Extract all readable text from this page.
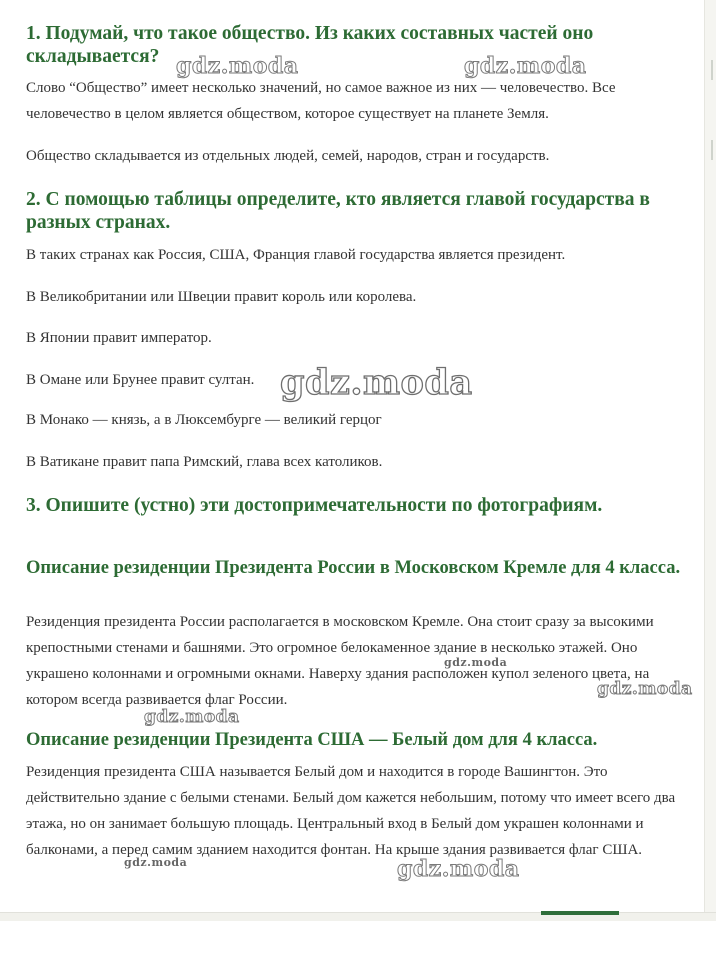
1. Подумай, что такое общество. Из каких составных частей оно
складывается?

Слово “Общество” имеет несколько значений, но самое важное из них — человечество. Все человечество в целом является обществом, которое существует на планете Земля.

Общество складывается из отдельных людей, семей, народов, стран и государств.

2. С помощью таблицы определите, кто является главой государства в разных странах.

В таких странах как Россия, США, Франция главой государства является президент.

В Великобритании или Швеции правит король или королева.

В Японии правит император.

В Омане или Брунее правит султан.

В Монако — князь, а в Люксембурге — великий герцог

В Ватикане правит папа Римский, глава всех католиков.

3. Опишите (устно) эти достопримечательности по фотографиям.
Описание резиденции Президента России в Московском Кремле для 4 класса.

Резиденция президента России располагается в московском Кремле. Она стоит сразу за высокими крепостными стенами и башнями. Это огромное белокаменное здание в несколько этажей. Оно украшено колоннами и огромными окнами. Наверху здания расположен купол зеленого цвета, на котором всегда развивается флаг России.

Описание резиденции Президента США — Белый дом для 4 класса.

Резиденция президента США называется Белый дом и находится в городе Вашингтон. Это действительно здание с белыми стенами. Белый дом кажется небольшим, потому что имеет всего два этажа, но он занимает большую площадь. Центральный вход в Белый дом украшен колоннами и балконами, а перед самим зданием находится фонтан. На крыше здания развивается флаг США.

gdz.moda	gdz.moda
gdz.moda
gdz.moda
gdz.moda
gdz.moda
gdz.moda	gdz.moda
